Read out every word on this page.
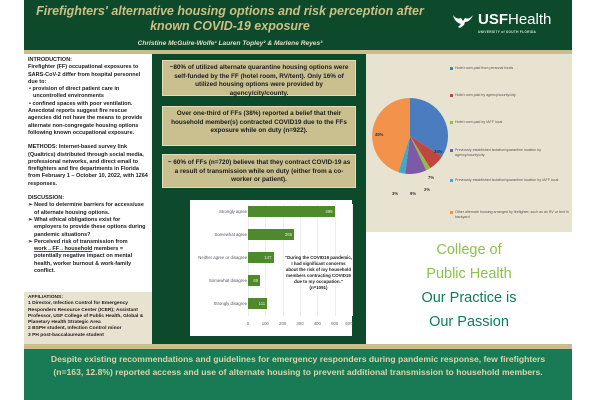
Firefighters' alternative housing options and risk perception after known COVID-19 exposure
Christine McGuire-Wolfe¹ Lauren Topley² & Marlene Reyes³
USFHealth
UNIVERSITY of SOUTH FLORIDA
INTRODUCTION:

Firefighter (FF) occupational exposures to SARS-CoV-2 differ from hospital personnel due to:

• provision of direct patient care in uncontrolled environments
• confined spaces with poor ventilation.

Anecdotal reports suggest fire rescue agencies did not have the means to provide alternate non-congregate housing options following known occupational exposure.

METHODS: Internet-based survey link (Qualtrics) distributed through social media, professional networks, and direct email to firefighters and fire departments in Florida from February 1 – October 10, 2022, with 1264 responses.

DISCUSSION:
➢ Need to determine barriers for access/use of alternate housing options.
➢ What ethical obligations exist for employers to provide these options during pandemic situations?
➢ Perceived risk of transmission from work→FF→household members = potentially negative impact on mental health, worker burnout & work-family conflict.

AFFILIATIONS:

1 Director, Infection Control for Emergency Responders Resource Center (ICER); Assistant Professor, USF College of Public Health, Global & Planetary Health Strategic Area

2 BSPH student, Infection Control minor

3 PH post-baccalaureate student

~80% of utilized alternate quarantine housing options were self-funded by the FF (hotel room, RV/tent). Only 16% of utilized housing options were provided by agency/city/county.
Over one-third of FFs (38%) reported a belief that their household member(s) contracted COVID19 due to the FFs exposure while on duty (n=922).
~ 60% of FFs (n=720) believe that they contract COVID-19 as a result of transmission while on duty (either from a co-worker or patient).
Strongly agree	499
Somewhat agree	265
Neither agree or disagree	147
Somewhat disagree 69
Strongly disagree	111
0	100 200 300 400 500 600
"During the COVID19 pandemic, I had significant concerns about the risk of my household members contracting COVID19 due to my occupation." (n=1091)
34%
7%
2%
9%
3%
45%
Hotel room paid from personal funds
Hotel room paid by agency/county/city
Hotel room paid by IAFF local
Previously established isolation/quarantine location by agency/county/city
Previously established isolation/quarantine location by IAFF local
Other alternate housing arranged by firefighter, such as an RV or tent in backyard
College of
Public Health
Our Practice is
Our Passion
Despite existing recommendations and guidelines for emergency responders during pandemic response, few firefighters (n=163, 12.8%) reported access and use of alternate housing to prevent additional transmission to household members.
